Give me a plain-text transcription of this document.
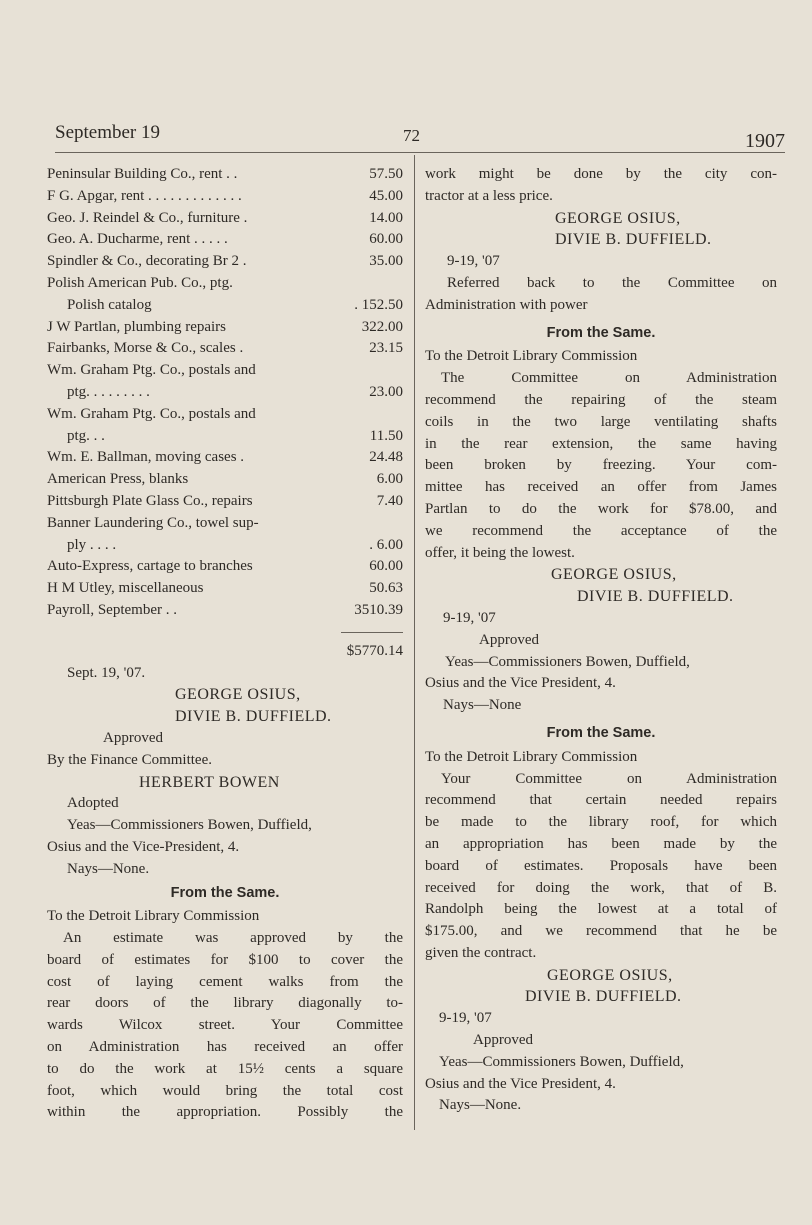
September 19	72	1907
Peninsular Building Co., rent . .	57.50
F G. Apgar, rent . . . . . . . . . . . . .	45.00
Geo. J. Reindel & Co., furniture .	14.00
Geo. A. Ducharme, rent . . . . .	60.00
Spindler & Co., decorating Br 2 .	35.00
Polish American Pub. Co., ptg.
Polish catalog	. 152.50
J W Partlan, plumbing repairs	322.00
Fairbanks, Morse & Co., scales .	23.15
Wm. Graham Ptg. Co., postals and
ptg. . . . . . . . .	23.00
Wm. Graham Ptg. Co., postals and
ptg. . .	11.50
Wm. E. Ballman, moving cases .	24.48
American Press, blanks	6.00
Pittsburgh Plate Glass Co., repairs	7.40
Banner Laundering Co., towel sup-
ply . . . .	. 6.00
Auto-Express, cartage to branches	60.00
H M Utley, miscellaneous	50.63
Payroll, September . .	3510.39
$5770.14
Sept. 19, '07.
GEORGE OSIUS,
DIVIE B. DUFFIELD.
Approved
By the Finance Committee.
HERBERT BOWEN
Adopted
Yeas—Commissioners Bowen, Duffield,
Osius and the Vice-President, 4.
Nays—None.
From the Same.
To the Detroit Library Commission
An estimate was approved by the
board of estimates for $100 to cover the
cost of laying cement walks from the
rear doors of the library diagonally to-
wards Wilcox street. Your Committee
on Administration has received an offer
to do the work at 15½ cents a square
foot, which would bring the total cost
within the appropriation. Possibly the
work might be done by the city con-
tractor at a less price.
GEORGE OSIUS,
DIVIE B. DUFFIELD.
9-19, '07
Referred back to the Committee on
Administration with power
From the Same.
To the Detroit Library Commission
The Committee on Administration
recommend the repairing of the steam
coils in the two large ventilating shafts
in the rear extension, the same having
been broken by freezing. Your com-
mittee has received an offer from James
Partlan to do the work for $78.00, and
we recommend the acceptance of the
offer, it being the lowest.
GEORGE OSIUS,
DIVIE B. DUFFIELD.
9-19, '07
Approved
Yeas—Commissioners Bowen, Duffield,
Osius and the Vice President, 4.
Nays—None
From the Same.
To the Detroit Library Commission
Your Committee on Administration
recommend that certain needed repairs
be made to the library roof, for which
an appropriation has been made by the
board of estimates. Proposals have been
received for doing the work, that of B.
Randolph being the lowest at a total of
$175.00, and we recommend that he be
given the contract.
GEORGE OSIUS,
DIVIE B. DUFFIELD.
9-19, '07
Approved
Yeas—Commissioners Bowen, Duffield,
Osius and the Vice President, 4.
Nays—None.
